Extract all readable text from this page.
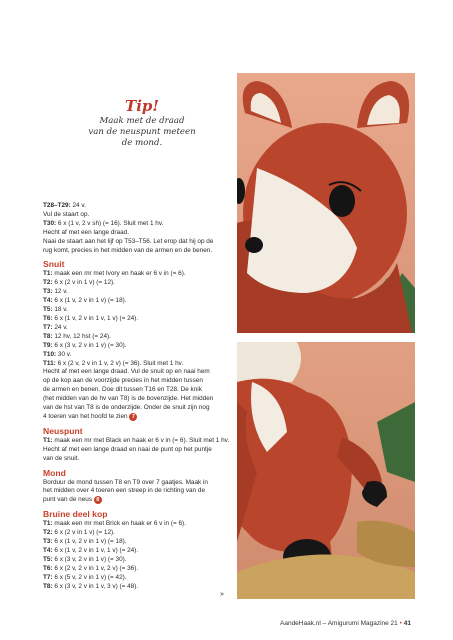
Tip!
Maak met de draad
van de neuspunt meteen
de mond.

T28–T29: 24 v.

Vul de staart op.

T30: 6 x (1 v, 2 v sh) (= 16). Sluit met 1 hv.

Hecht af met een lange draad.

Naai de staart aan het lijf op T53–T56. Let erop dat hij op de

rug komt, precies in het midden van de armen en de benen.

Snuit

T1: maak een mr met Ivory en haak er 6 v in (= 6).

T2: 6 x (2 v in 1 v) (= 12).

T3: 12 v.

T4: 6 x (1 v, 2 v in 1 v) (= 18).

T5: 18 v.

T6: 6 x (1 v, 2 v in 1 v, 1 v) (= 24).

T7: 24 v.

T8: 12 hv, 12 hst (= 24).

T9: 6 x (3 v, 2 v in 1 v) (= 30).

T10: 30 v.

T11: 6 x (2 v, 2 v in 1 v, 2 v) (= 36). Sluit met 1 hv.

Hecht af met een lange draad. Vul de snuit op en naai hem

op de kop aan de voorzijde precies in het midden tussen

de armen en benen. Doe dit tussen T16 en T28. De knik

(het midden van de hv van T8) is de bovenzijde. Het midden

van de hst van T8 is de onderzijde. Onder de snuit zijn nog

4 toeren van het hoofd te zien 7

Neuspunt

T1: maak een mr met Black en haak er 6 v in (= 6). Sluit met 1 hv.

Hecht af met een lange draad en naai de punt op het puntje

van de snuit.

Mond

Borduur de mond tussen T8 en T9 over 7 gaatjes. Maak in

het midden over 4 toeren een streep in de richting van de

punt van de neus 8

Bruine deel kop

T1: maak een mr met Brick en haak er 6 v in (= 6).

T2: 6 x (2 v in 1 v) (= 12).

T3: 6 x (1 v, 2 v in 1 v) (= 18).

T4: 6 x (1 v, 2 v in 1 v, 1 v) (= 24).

T5: 6 x (3 v, 2 v in 1 v) (= 30).

T6: 6 x (2 v, 2 v in 1 v, 2 v) (= 36).

T7: 6 x (5 v, 2 v in 1 v) (= 42).

T8: 6 x (3 v, 2 v in 1 v, 3 v) (= 48).

»
AandeHaak.nl – Amigurumi Magazine 21 • 41
